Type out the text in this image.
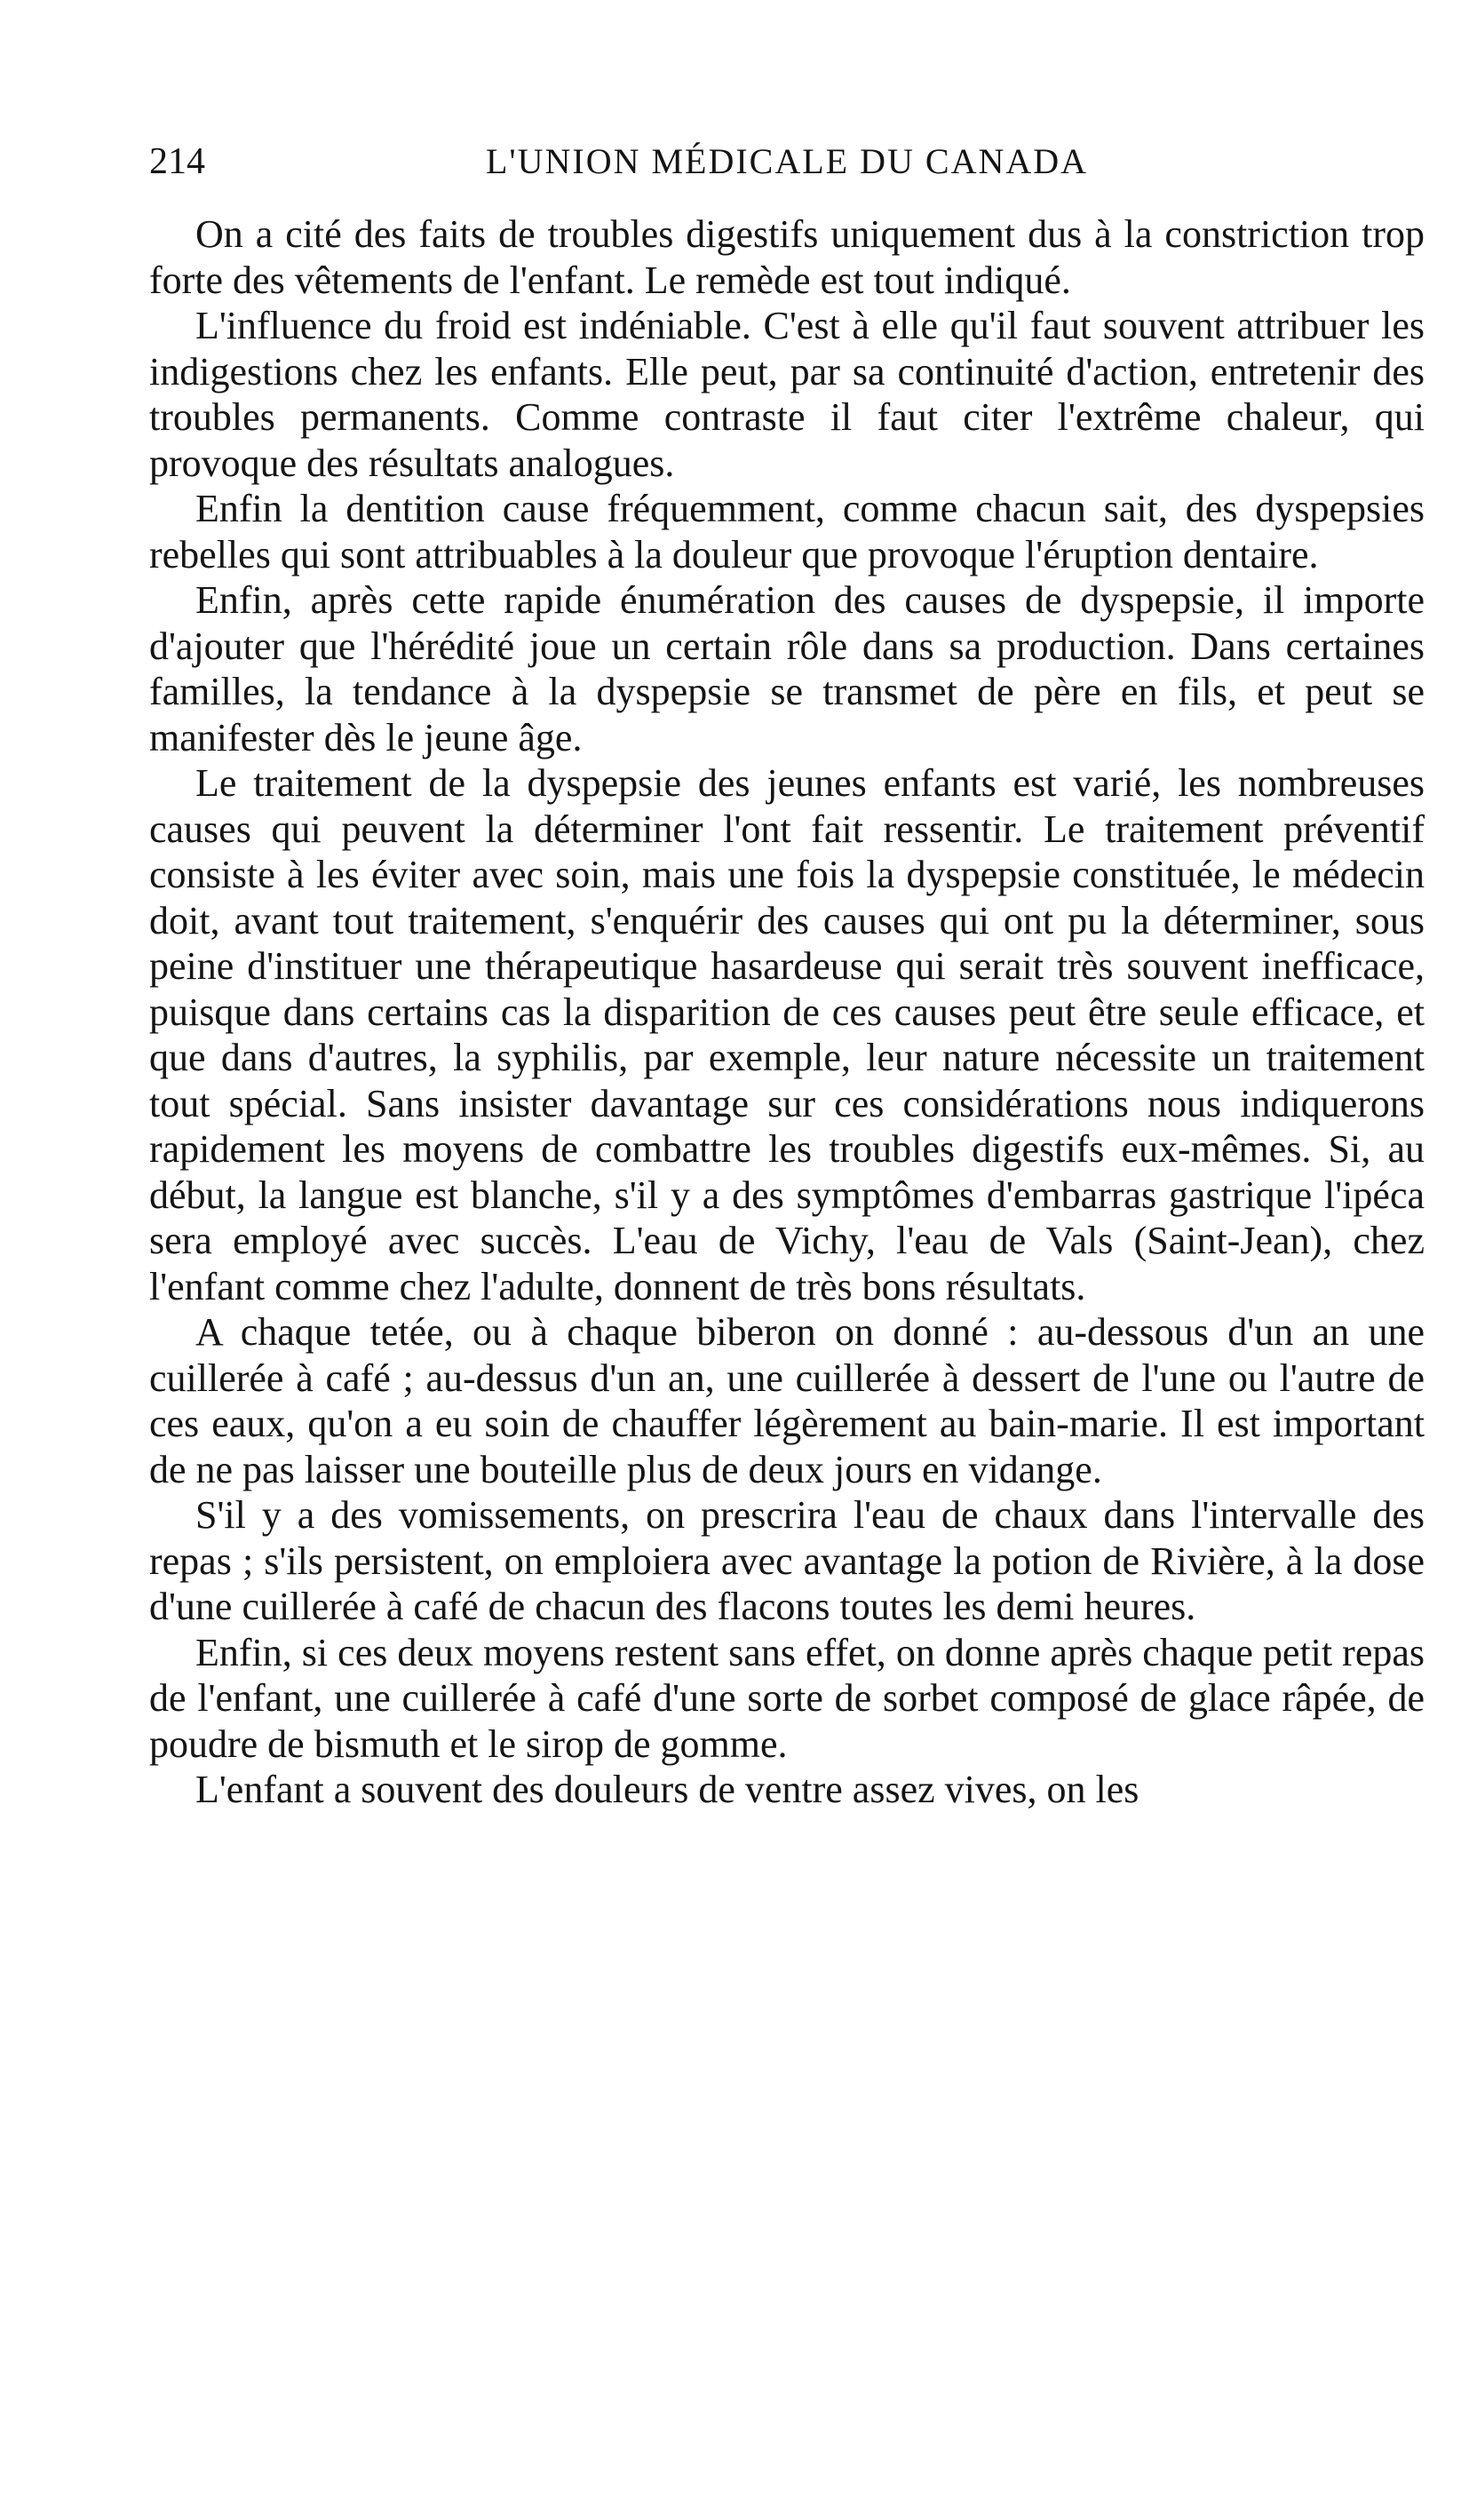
214	L'UNION MÉDICALE DU CANADA

On a cité des faits de troubles digestifs uniquement dus à la constriction trop forte des vêtements de l'enfant. Le remède est tout indiqué.

L'influence du froid est indéniable. C'est à elle qu'il faut souvent attribuer les indigestions chez les enfants. Elle peut, par sa continuité d'action, entretenir des troubles permanents. Comme contraste il faut citer l'extrême chaleur, qui provoque des résultats analogues.

Enfin la dentition cause fréquemment, comme chacun sait, des dyspepsies rebelles qui sont attribuables à la douleur que provoque l'éruption dentaire.

Enfin, après cette rapide énumération des causes de dyspepsie, il importe d'ajouter que l'hérédité joue un certain rôle dans sa production. Dans certaines familles, la tendance à la dyspepsie se transmet de père en fils, et peut se manifester dès le jeune âge.

Le traitement de la dyspepsie des jeunes enfants est varié, les nombreuses causes qui peuvent la déterminer l'ont fait ressentir. Le traitement préventif consiste à les éviter avec soin, mais une fois la dyspepsie constituée, le médecin doit, avant tout traitement, s'enquérir des causes qui ont pu la déterminer, sous peine d'instituer une thérapeutique hasardeuse qui serait très souvent inefficace, puisque dans certains cas la disparition de ces causes peut être seule efficace, et que dans d'autres, la syphilis, par exemple, leur nature nécessite un traitement tout spécial. Sans insister davantage sur ces considérations nous indiquerons rapidement les moyens de combattre les troubles digestifs eux-mêmes. Si, au début, la langue est blanche, s'il y a des symptômes d'embarras gastrique l'ipéca sera employé avec succès. L'eau de Vichy, l'eau de Vals (Saint-Jean), chez l'enfant comme chez l'adulte, donnent de très bons résultats.

A chaque tetée, ou à chaque biberon on donné : au-dessous d'un an une cuillerée à café ; au-dessus d'un an, une cuillerée à dessert de l'une ou l'autre de ces eaux, qu'on a eu soin de chauffer légèrement au bain-marie. Il est important de ne pas laisser une bouteille plus de deux jours en vidange.

S'il y a des vomissements, on prescrira l'eau de chaux dans l'intervalle des repas ; s'ils persistent, on emploiera avec avantage la potion de Rivière, à la dose d'une cuillerée à café de chacun des flacons toutes les demi heures.

Enfin, si ces deux moyens restent sans effet, on donne après chaque petit repas de l'enfant, une cuillerée à café d'une sorte de sorbet composé de glace râpée, de poudre de bismuth et le sirop de gomme.

L'enfant a souvent des douleurs de ventre assez vives, on les
